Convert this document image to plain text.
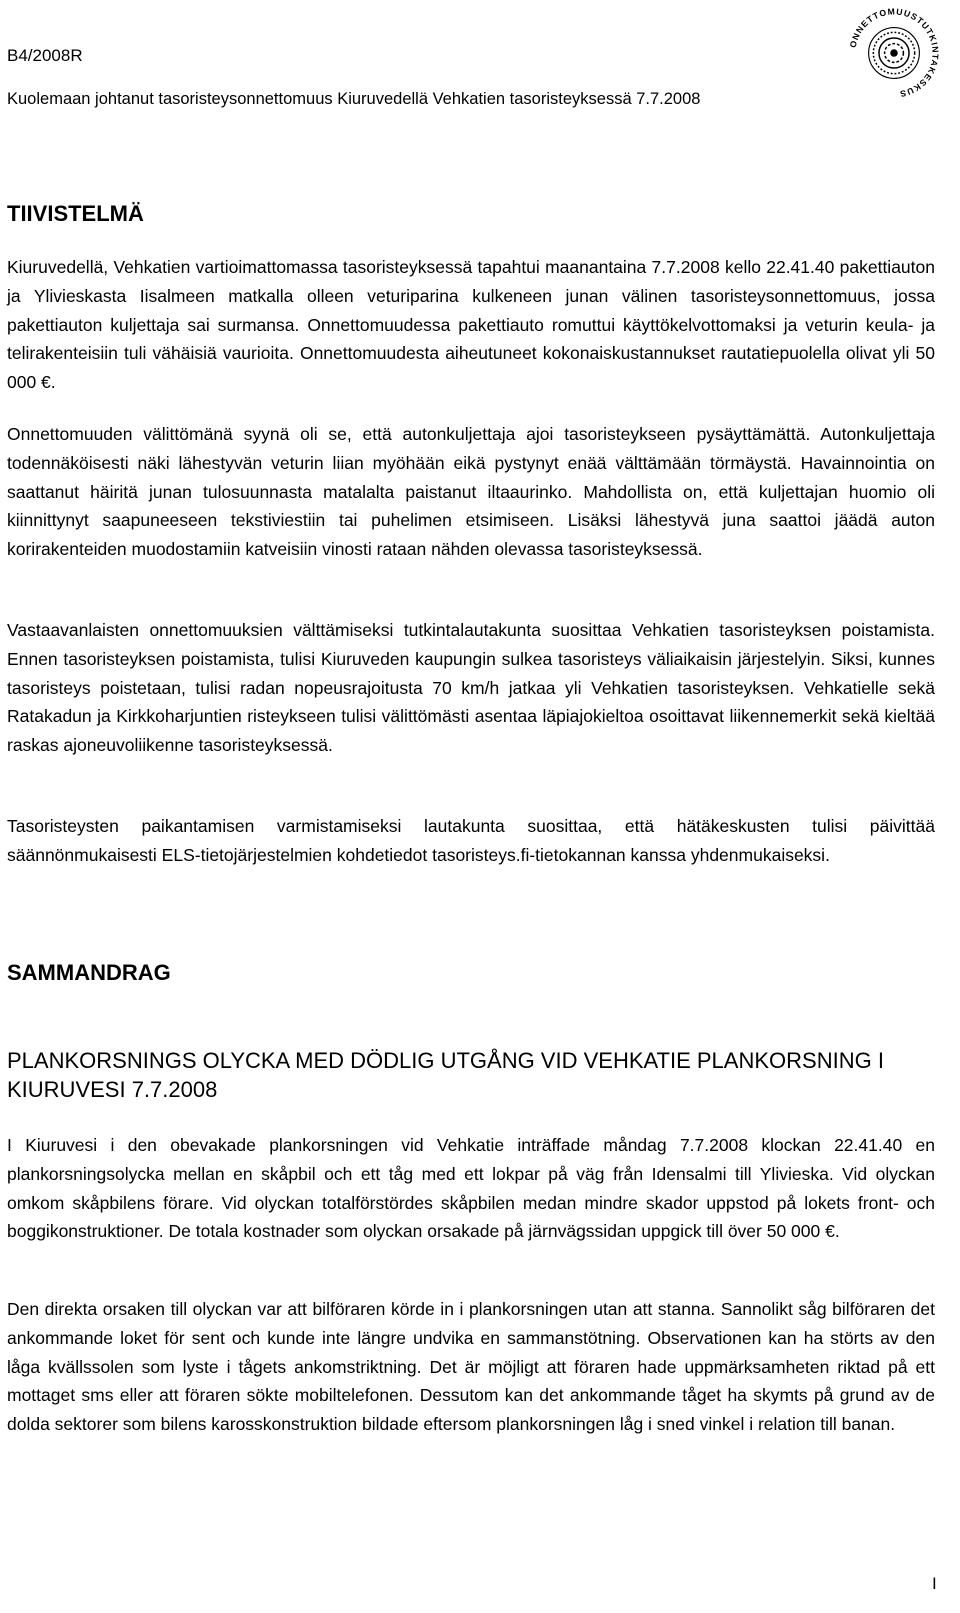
B4/2008R
Kuolemaan johtanut tasoristeysonnettomuus Kiuruvedellä Vehkatien tasoristeyksessä 7.7.2008
ONNETTOMUUSTUTKINTAKESKUS
TIIVISTELMÄ

Kiuruvedellä, Vehkatien vartioimattomassa tasoristeyksessä tapahtui maanantaina 7.7.2008 kello 22.41.40 pakettiauton ja Ylivieskasta Iisalmeen matkalla olleen veturiparina kulkeneen junan välinen tasoristeysonnettomuus, jossa pakettiauton kuljettaja sai surmansa. Onnettomuudessa pakettiauto romuttui käyttökelvottomaksi ja veturin keula- ja telirakenteisiin tuli vähäisiä vaurioita. Onnettomuudesta aiheutuneet kokonaiskustannukset rautatiepuolella olivat yli 50 000 €.

Onnettomuuden välittömänä syynä oli se, että autonkuljettaja ajoi tasoristeykseen pysäyttämättä. Autonkuljettaja todennäköisesti näki lähestyvän veturin liian myöhään eikä pystynyt enää välttämään törmäystä. Havainnointia on saattanut häiritä junan tulosuunnasta matalalta paistanut iltaaurinko. Mahdollista on, että kuljettajan huomio oli kiinnittynyt saapuneeseen tekstiviestiin tai puhelimen etsimiseen. Lisäksi lähestyvä juna saattoi jäädä auton korirakenteiden muodostamiin katveisiin vinosti rataan nähden olevassa tasoristeyksessä.

Vastaavanlaisten onnettomuuksien välttämiseksi tutkintalautakunta suosittaa Vehkatien tasoristeyksen poistamista. Ennen tasoristeyksen poistamista, tulisi Kiuruveden kaupungin sulkea tasoristeys väliaikaisin järjestelyin. Siksi, kunnes tasoristeys poistetaan, tulisi radan nopeusrajoitusta 70 km/h jatkaa yli Vehkatien tasoristeyksen. Vehkatielle sekä Ratakadun ja Kirkkoharjuntien risteykseen tulisi välittömästi asentaa läpiajokieltoa osoittavat liikennemerkit sekä kieltää raskas ajoneuvoliikenne tasoristeyksessä.

Tasoristeysten paikantamisen varmistamiseksi lautakunta suosittaa, että hätäkeskusten tulisi päivittää säännönmukaisesti ELS-tietojärjestelmien kohdetiedot tasoristeys.fi-tietokannan kanssa yhdenmukaiseksi.

SAMMANDRAG
PLANKORSNINGS OLYCKA MED DÖDLIG UTGÅNG VID VEHKATIE PLANKORSNING I KIURUVESI 7.7.2008

I Kiuruvesi i den obevakade plankorsningen vid Vehkatie inträffade måndag 7.7.2008 klockan 22.41.40 en plankorsningsolycka mellan en skåpbil och ett tåg med ett lokpar på väg från Idensalmi till Ylivieska. Vid olyckan omkom skåpbilens förare. Vid olyckan totalförstördes skåpbilen medan mindre skador uppstod på lokets front- och boggikonstruktioner. De totala kostnader som olyckan orsakade på järnvägssidan uppgick till över 50 000 €.

Den direkta orsaken till olyckan var att bilföraren körde in i plankorsningen utan att stanna. Sannolikt såg bilföraren det ankommande loket för sent och kunde inte längre undvika en sammanstötning. Observationen kan ha störts av den låga kvällssolen som lyste i tågets ankomstriktning. Det är möjligt att föraren hade uppmärksamheten riktad på ett mottaget sms eller att föraren sökte mobiltelefonen. Dessutom kan det ankommande tåget ha skymts på grund av de dolda sektorer som bilens karosskonstruktion bildade eftersom plankorsningen låg i sned vinkel i relation till banan.

I
